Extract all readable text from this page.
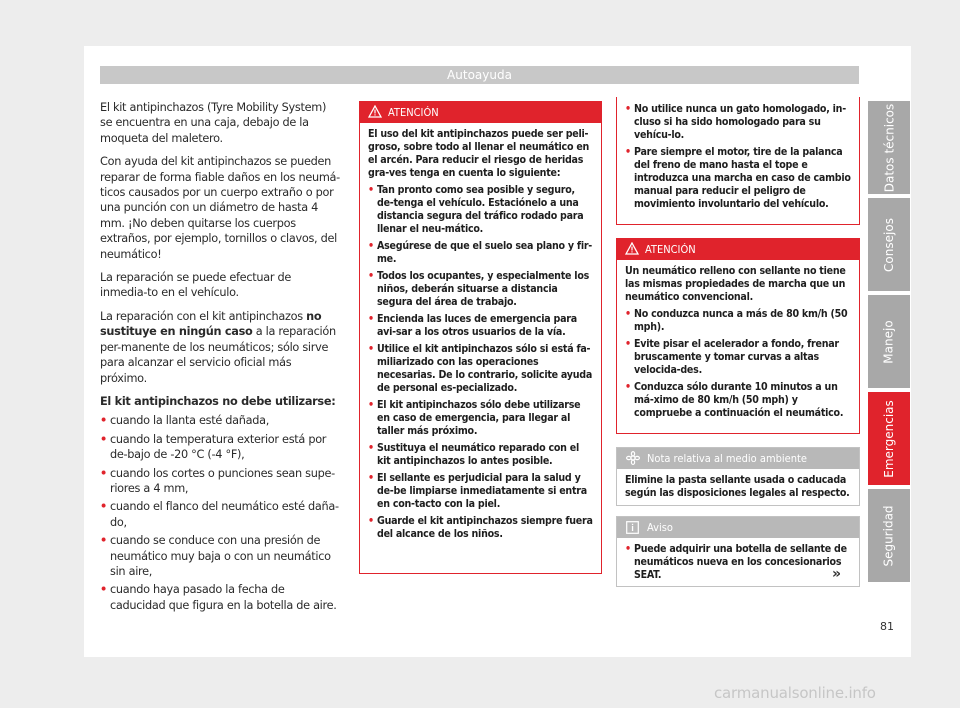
Autoayuda

El kit antipinchazos (Tyre Mobility System) se encuentra en una caja, debajo de la moqueta del maletero.

Con ayuda del kit antipinchazos se pueden reparar de forma fiable daños en los neumá-ticos causados por un cuerpo extraño o por una punción con un diámetro de hasta 4 mm. ¡No deben quitarse los cuerpos extraños, por ejemplo, tornillos o clavos, del neumático!

La reparación se puede efectuar de inmedia-to en el vehículo.

La reparación con el kit antipinchazos no sustituye en ningún caso a la reparación per-manente de los neumáticos; sólo sirve para alcanzar el servicio oficial más próximo.

El kit antipinchazos no debe utilizarse:
• cuando la llanta esté dañada,
• cuando la temperatura exterior está por de-bajo de -20 °C (-4 °F),
• cuando los cortes o punciones sean supe-riores a 4 mm,
• cuando el flanco del neumático esté daña-do,
• cuando se conduce con una presión de neumático muy baja o con un neumático sin aire,
• cuando haya pasado la fecha de caducidad que figura en la botella de aire.
ATENCIÓN

El uso del kit antipinchazos puede ser peli-groso, sobre todo al llenar el neumático en el arcén. Para reducir el riesgo de heridas gra-ves tenga en cuenta lo siguiente:

• Tan pronto como sea posible y seguro, de-tenga el vehículo. Estaciónelo a una distancia segura del tráfico rodado para llenar el neu-mático.
• Asegúrese de que el suelo sea plano y fir-me.
• Todos los ocupantes, y especialmente los niños, deberán situarse a distancia segura del área de trabajo.
• Encienda las luces de emergencia para avi-sar a los otros usuarios de la vía.
• Utilice el kit antipinchazos sólo si está fa-miliarizado con las operaciones necesarias. De lo contrario, solicite ayuda de personal es-pecializado.
• El kit antipinchazos sólo debe utilizarse en caso de emergencia, para llegar al taller más próximo.
• Sustituya el neumático reparado con el kit antipinchazos lo antes posible.
• El sellante es perjudicial para la salud y de-be limpiarse inmediatamente si entra en con-tacto con la piel.
• Guarde el kit antipinchazos siempre fuera del alcance de los niños.
• No utilice nunca un gato homologado, in-cluso si ha sido homologado para su vehícu-lo.
• Pare siempre el motor, tire de la palanca del freno de mano hasta el tope e introduzca una marcha en caso de cambio manual para reducir el peligro de movimiento involuntario del vehículo.
ATENCIÓN

Un neumático relleno con sellante no tiene las mismas propiedades de marcha que un neumático convencional.

• No conduzca nunca a más de 80 km/h (50 mph).
• Evite pisar el acelerador a fondo, frenar bruscamente y tomar curvas a altas velocida-des.
• Conduzca sólo durante 10 minutos a un má-ximo de 80 km/h (50 mph) y compruebe a continuación el neumático.
Nota relativa al medio ambiente

Elimine la pasta sellante usada o caducada según las disposiciones legales al respecto.

Aviso
• Puede adquirir una botella de sellante de neumáticos nueva en los concesionarios SEAT.	»
Datos técnicos
Consejos
Manejo
Emergencias
Seguridad
81
carmanualsonline.info
